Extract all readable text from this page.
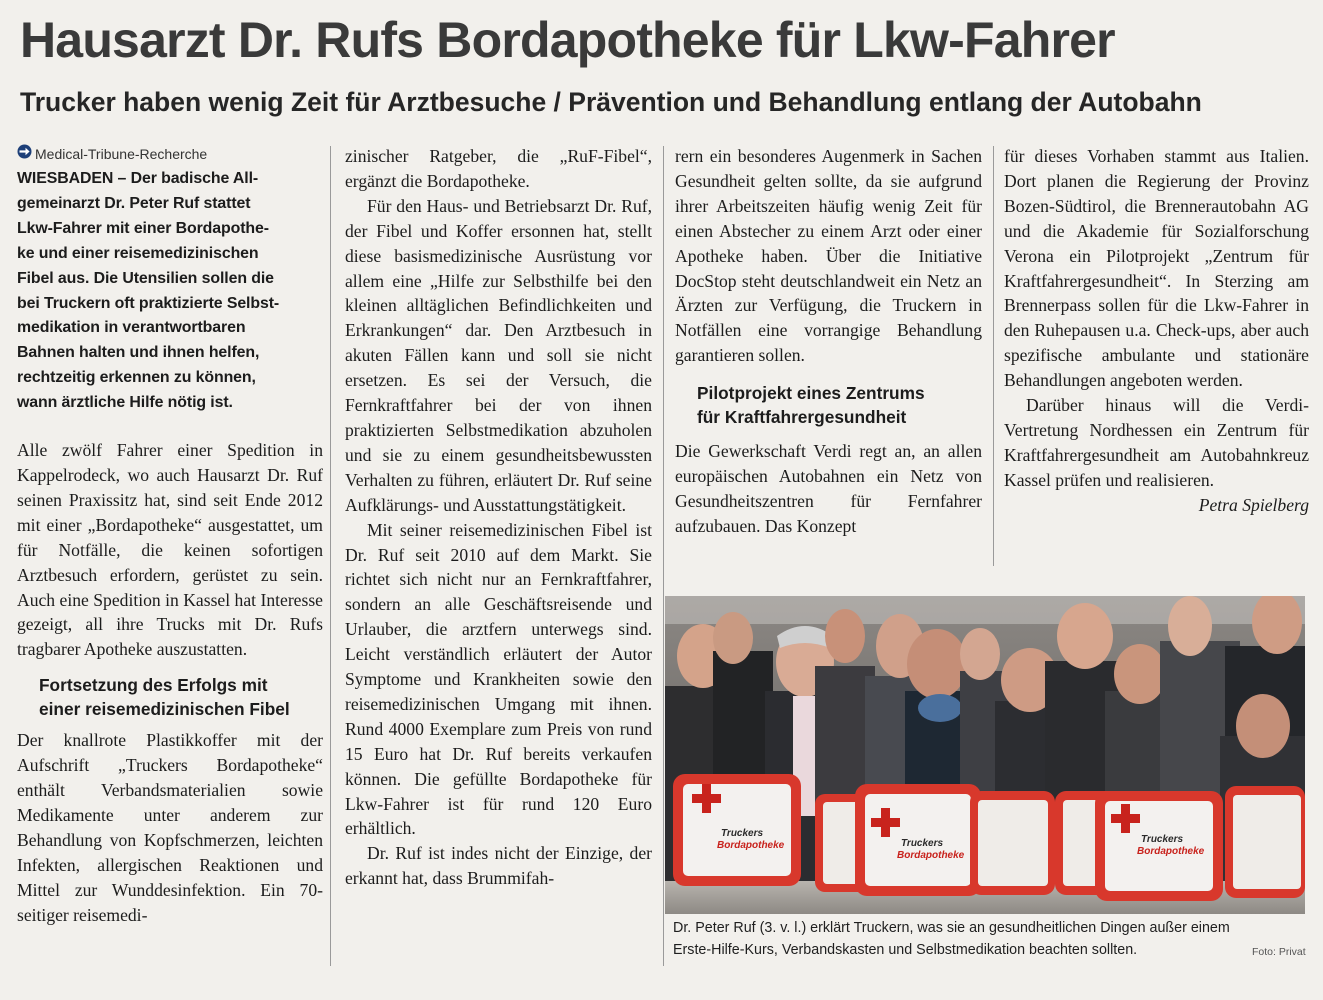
Hausarzt Dr. Rufs Bordapotheke für Lkw-Fahrer
Trucker haben wenig Zeit für Arztbesuche / Prävention und Behandlung entlang der Autobahn
Medical-Tribune-Recherche

WIESBADEN – Der badische All-

gemeinarzt Dr. Peter Ruf stattet

Lkw-Fahrer mit einer Bordapothe-

ke und einer reisemedizinischen

Fibel aus. Die Utensilien sollen die

bei Truckern oft praktizierte Selbst-

medikation in verantwortbaren

Bahnen halten und ihnen helfen,

rechtzeitig erkennen zu können,

wann ärztliche Hilfe nötig ist.

Alle zwölf Fahrer einer Spedition in Kappelrodeck, wo auch Hausarzt Dr. Ruf seinen Praxissitz hat, sind seit Ende 2012 mit einer „Bordapotheke“ ausgestattet, um für Notfälle, die keinen sofortigen Arztbesuch erfordern, gerüstet zu sein. Auch eine Spedition in Kassel hat Interesse gezeigt, all ihre Trucks mit Dr. Rufs tragbarer Apotheke auszustatten.

Fortsetzung des Erfolgs mit

einer reisemedizinischen Fibel

Der knallrote Plastikkoffer mit der Aufschrift „Truckers Bordapotheke“ enthält Verbandsmaterialien sowie Medikamente unter anderem zur Behandlung von Kopfschmerzen, leichten Infekten, allergischen Reaktionen und Mittel zur Wunddesinfektion. Ein 70-seitiger reisemedi-

zinischer Ratgeber, die „RuF-Fibel“, ergänzt die Bordapotheke.

Für den Haus- und Betriebsarzt Dr. Ruf, der Fibel und Koffer ersonnen hat, stellt diese basismedizinische Ausrüstung vor allem eine „Hilfe zur Selbsthilfe bei den kleinen alltäglichen Befindlichkeiten und Erkrankungen“ dar. Den Arztbesuch in akuten Fällen kann und soll sie nicht ersetzen. Es sei der Versuch, die Fernkraftfahrer bei der von ihnen praktizierten Selbstmedikation abzuholen und sie zu einem gesundheitsbewussten Verhalten zu führen, erläutert Dr. Ruf seine Aufklärungs- und Ausstattungstätigkeit.

Mit seiner reisemedizinischen Fibel ist Dr. Ruf seit 2010 auf dem Markt. Sie richtet sich nicht nur an Fernkraftfahrer, sondern an alle Geschäftsreisende und Urlauber, die arztfern unterwegs sind. Leicht verständlich erläutert der Autor Symptome und Krankheiten sowie den reisemedizinischen Umgang mit ihnen. Rund 4000 Exemplare zum Preis von rund 15 Euro hat Dr. Ruf bereits verkaufen können. Die gefüllte Bordapotheke für Lkw-Fahrer ist für rund 120 Euro erhältlich.

Dr. Ruf ist indes nicht der Einzige, der erkannt hat, dass Brummifah-

rern ein besonderes Augenmerk in Sachen Gesundheit gelten sollte, da sie aufgrund ihrer Arbeitszeiten häufig wenig Zeit für einen Abstecher zu einem Arzt oder einer Apotheke haben. Über die Initiative DocStop steht deutschlandweit ein Netz an Ärzten zur Verfügung, die Truckern in Notfällen eine vorrangige Behandlung garantieren sollen.

Pilotprojekt eines Zentrums

für Kraftfahrergesundheit

Die Gewerkschaft Verdi regt an, an allen europäischen Autobahnen ein Netz von Gesundheitszentren für Fernfahrer aufzubauen. Das Konzept

für dieses Vorhaben stammt aus Italien. Dort planen die Regierung der Provinz Bozen-Südtirol, die Brennerautobahn AG und die Akademie für Sozialforschung Verona ein Pilotprojekt „Zentrum für Kraftfahrergesundheit“. In Sterzing am Brennerpass sollen für die Lkw-Fahrer in den Ruhepausen u.a. Check-ups, aber auch spezifische ambulante und stationäre Behandlungen angeboten werden.

Darüber hinaus will die Verdi-Vertretung Nordhessen ein Zentrum für Kraftfahrergesundheit am Autobahnkreuz Kassel prüfen und realisieren.
Petra Spielberg

Truckers
Bordapotheke	Truckers
Bordapotheke
Truckers
Bordapotheke
Dr. Peter Ruf (3. v. l.) erklärt Truckern, was sie an gesundheitlichen Dingen außer einem
Erste-Hilfe-Kurs, Verbandskasten und Selbstmedikation beachten sollten.	Foto: Privat
